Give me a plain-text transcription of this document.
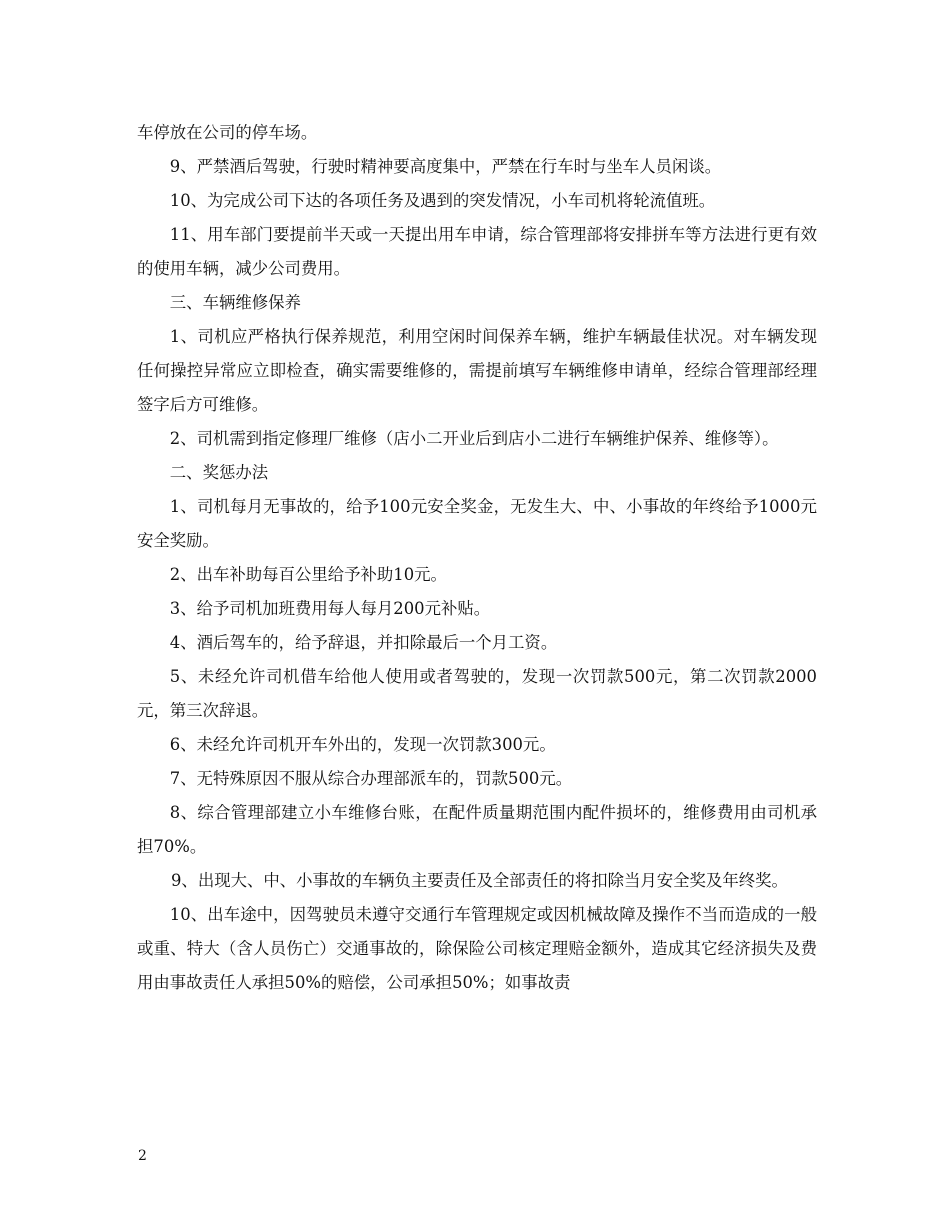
车停放在公司的停车场。

9、严禁酒后驾驶，行驶时精神要高度集中，严禁在行车时与坐车人员闲谈。

10、为完成公司下达的各项任务及遇到的突发情况，小车司机将轮流值班。

11、用车部门要提前半天或一天提出用车申请，综合管理部将安排拼车等方法进行更有效的使用车辆，减少公司费用。

三、车辆维修保养

1、司机应严格执行保养规范，利用空闲时间保养车辆，维护车辆最佳状况。对车辆发现任何操控异常应立即检查，确实需要维修的，需提前填写车辆维修申请单，经综合管理部经理签字后方可维修。

2、司机需到指定修理厂维修（店小二开业后到店小二进行车辆维护保养、维修等）。

二、奖惩办法

1、司机每月无事故的，给予100元安全奖金，无发生大、中、小事故的年终给予1000元安全奖励。

2、出车补助每百公里给予补助10元。

3、给予司机加班费用每人每月200元补贴。

4、酒后驾车的，给予辞退，并扣除最后一个月工资。

5、未经允许司机借车给他人使用或者驾驶的，发现一次罚款500元，第二次罚款2000元，第三次辞退。

6、未经允许司机开车外出的，发现一次罚款300元。

7、无特殊原因不服从综合办理部派车的，罚款500元。

8、综合管理部建立小车维修台账，在配件质量期范围内配件损坏的，维修费用由司机承担70%。

9、出现大、中、小事故的车辆负主要责任及全部责任的将扣除当月安全奖及年终奖。

10、出车途中，因驾驶员未遵守交通行车管理规定或因机械故障及操作不当而造成的一般或重、特大（含人员伤亡）交通事故的，除保险公司核定理赔金额外，造成其它经济损失及费用由事故责任人承担50%的赔偿，公司承担50%；如事故责

2
